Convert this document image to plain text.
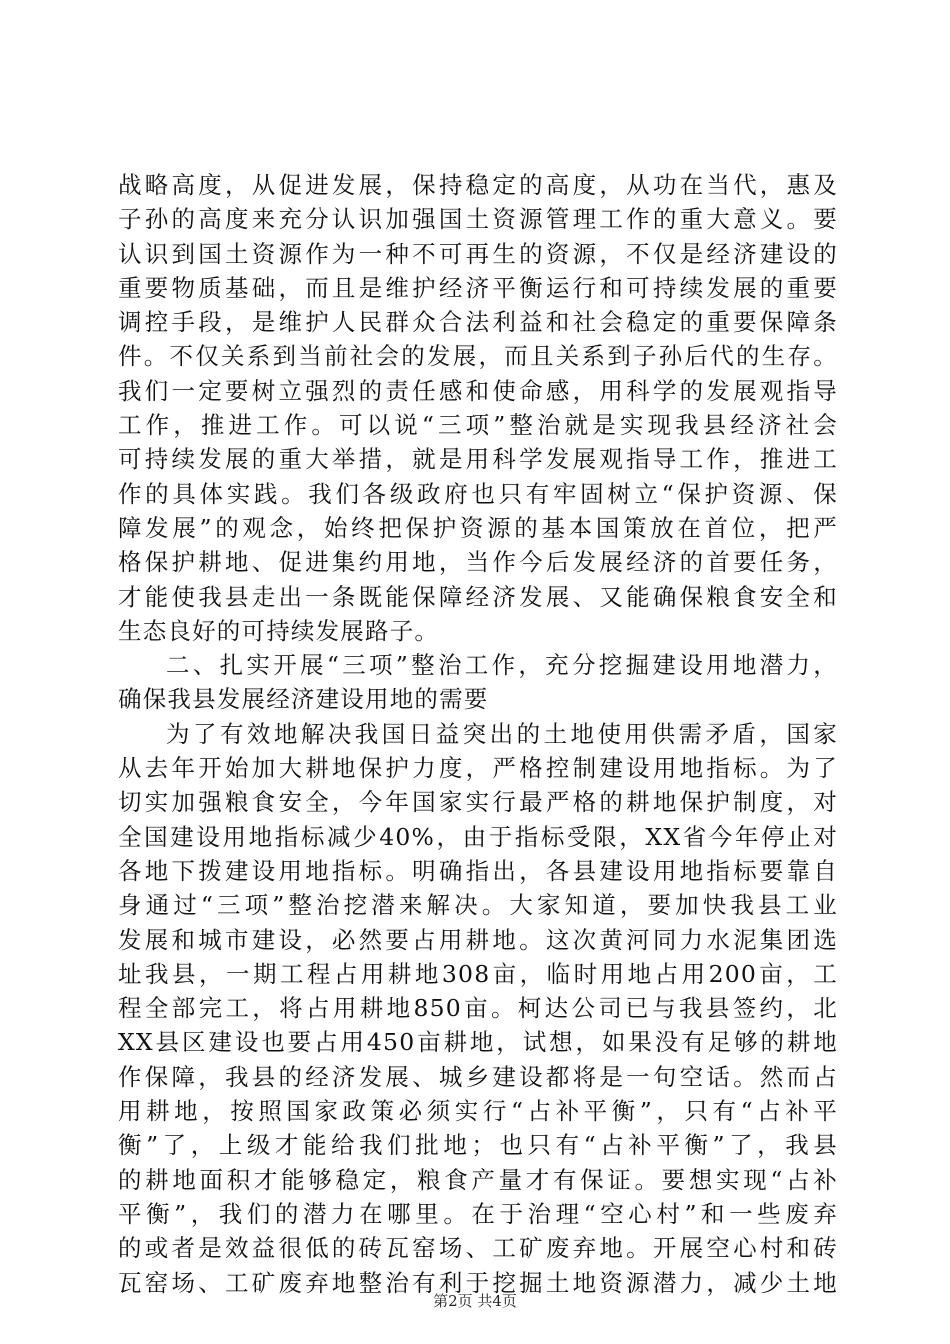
战略高度，从促进发展，保持稳定的高度，从功在当代，惠及
子孙的高度来充分认识加强国土资源管理工作的重大意义。要
认识到国土资源作为一种不可再生的资源，不仅是经济建设的
重要物质基础，而且是维护经济平衡运行和可持续发展的重要
调控手段，是维护人民群众合法利益和社会稳定的重要保障条
件。不仅关系到当前社会的发展，而且关系到子孙后代的生存。
我们一定要树立强烈的责任感和使命感，用科学的发展观指导
工作，推进工作。可以说“三项”整治就是实现我县经济社会
可持续发展的重大举措，就是用科学发展观指导工作，推进工
作的具体实践。我们各级政府也只有牢固树立“保护资源、保
障发展”的观念，始终把保护资源的基本国策放在首位，把严
格保护耕地、促进集约用地，当作今后发展经济的首要任务，
才能使我县走出一条既能保障经济发展、又能确保粮食安全和
生态良好的可持续发展路子。
二、扎实开展“三项”整治工作，充分挖掘建设用地潜力，
确保我县发展经济建设用地的需要
为了有效地解决我国日益突出的土地使用供需矛盾，国家
从去年开始加大耕地保护力度，严格控制建设用地指标。为了
切实加强粮食安全，今年国家实行最严格的耕地保护制度，对
全国建设用地指标减少40%，由于指标受限，XX省今年停止对
各地下拨建设用地指标。明确指出，各县建设用地指标要靠自
身通过“三项”整治挖潜来解决。大家知道，要加快我县工业
发展和城市建设，必然要占用耕地。这次黄河同力水泥集团选
址我县，一期工程占用耕地308亩，临时用地占用200亩，工
程全部完工，将占用耕地850亩。柯达公司已与我县签约，北
XX县区建设也要占用450亩耕地，试想，如果没有足够的耕地
作保障，我县的经济发展、城乡建设都将是一句空话。然而占
用耕地，按照国家政策必须实行“占补平衡”，只有“占补平
衡”了，上级才能给我们批地；也只有“占补平衡”了，我县
的耕地面积才能够稳定，粮食产量才有保证。要想实现“占补
平衡”，我们的潜力在哪里。在于治理“空心村”和一些废弃
的或者是效益很低的砖瓦窑场、工矿废弃地。开展空心村和砖
瓦窑场、工矿废弃地整治有利于挖掘土地资源潜力，减少土地
第2页 共4页
